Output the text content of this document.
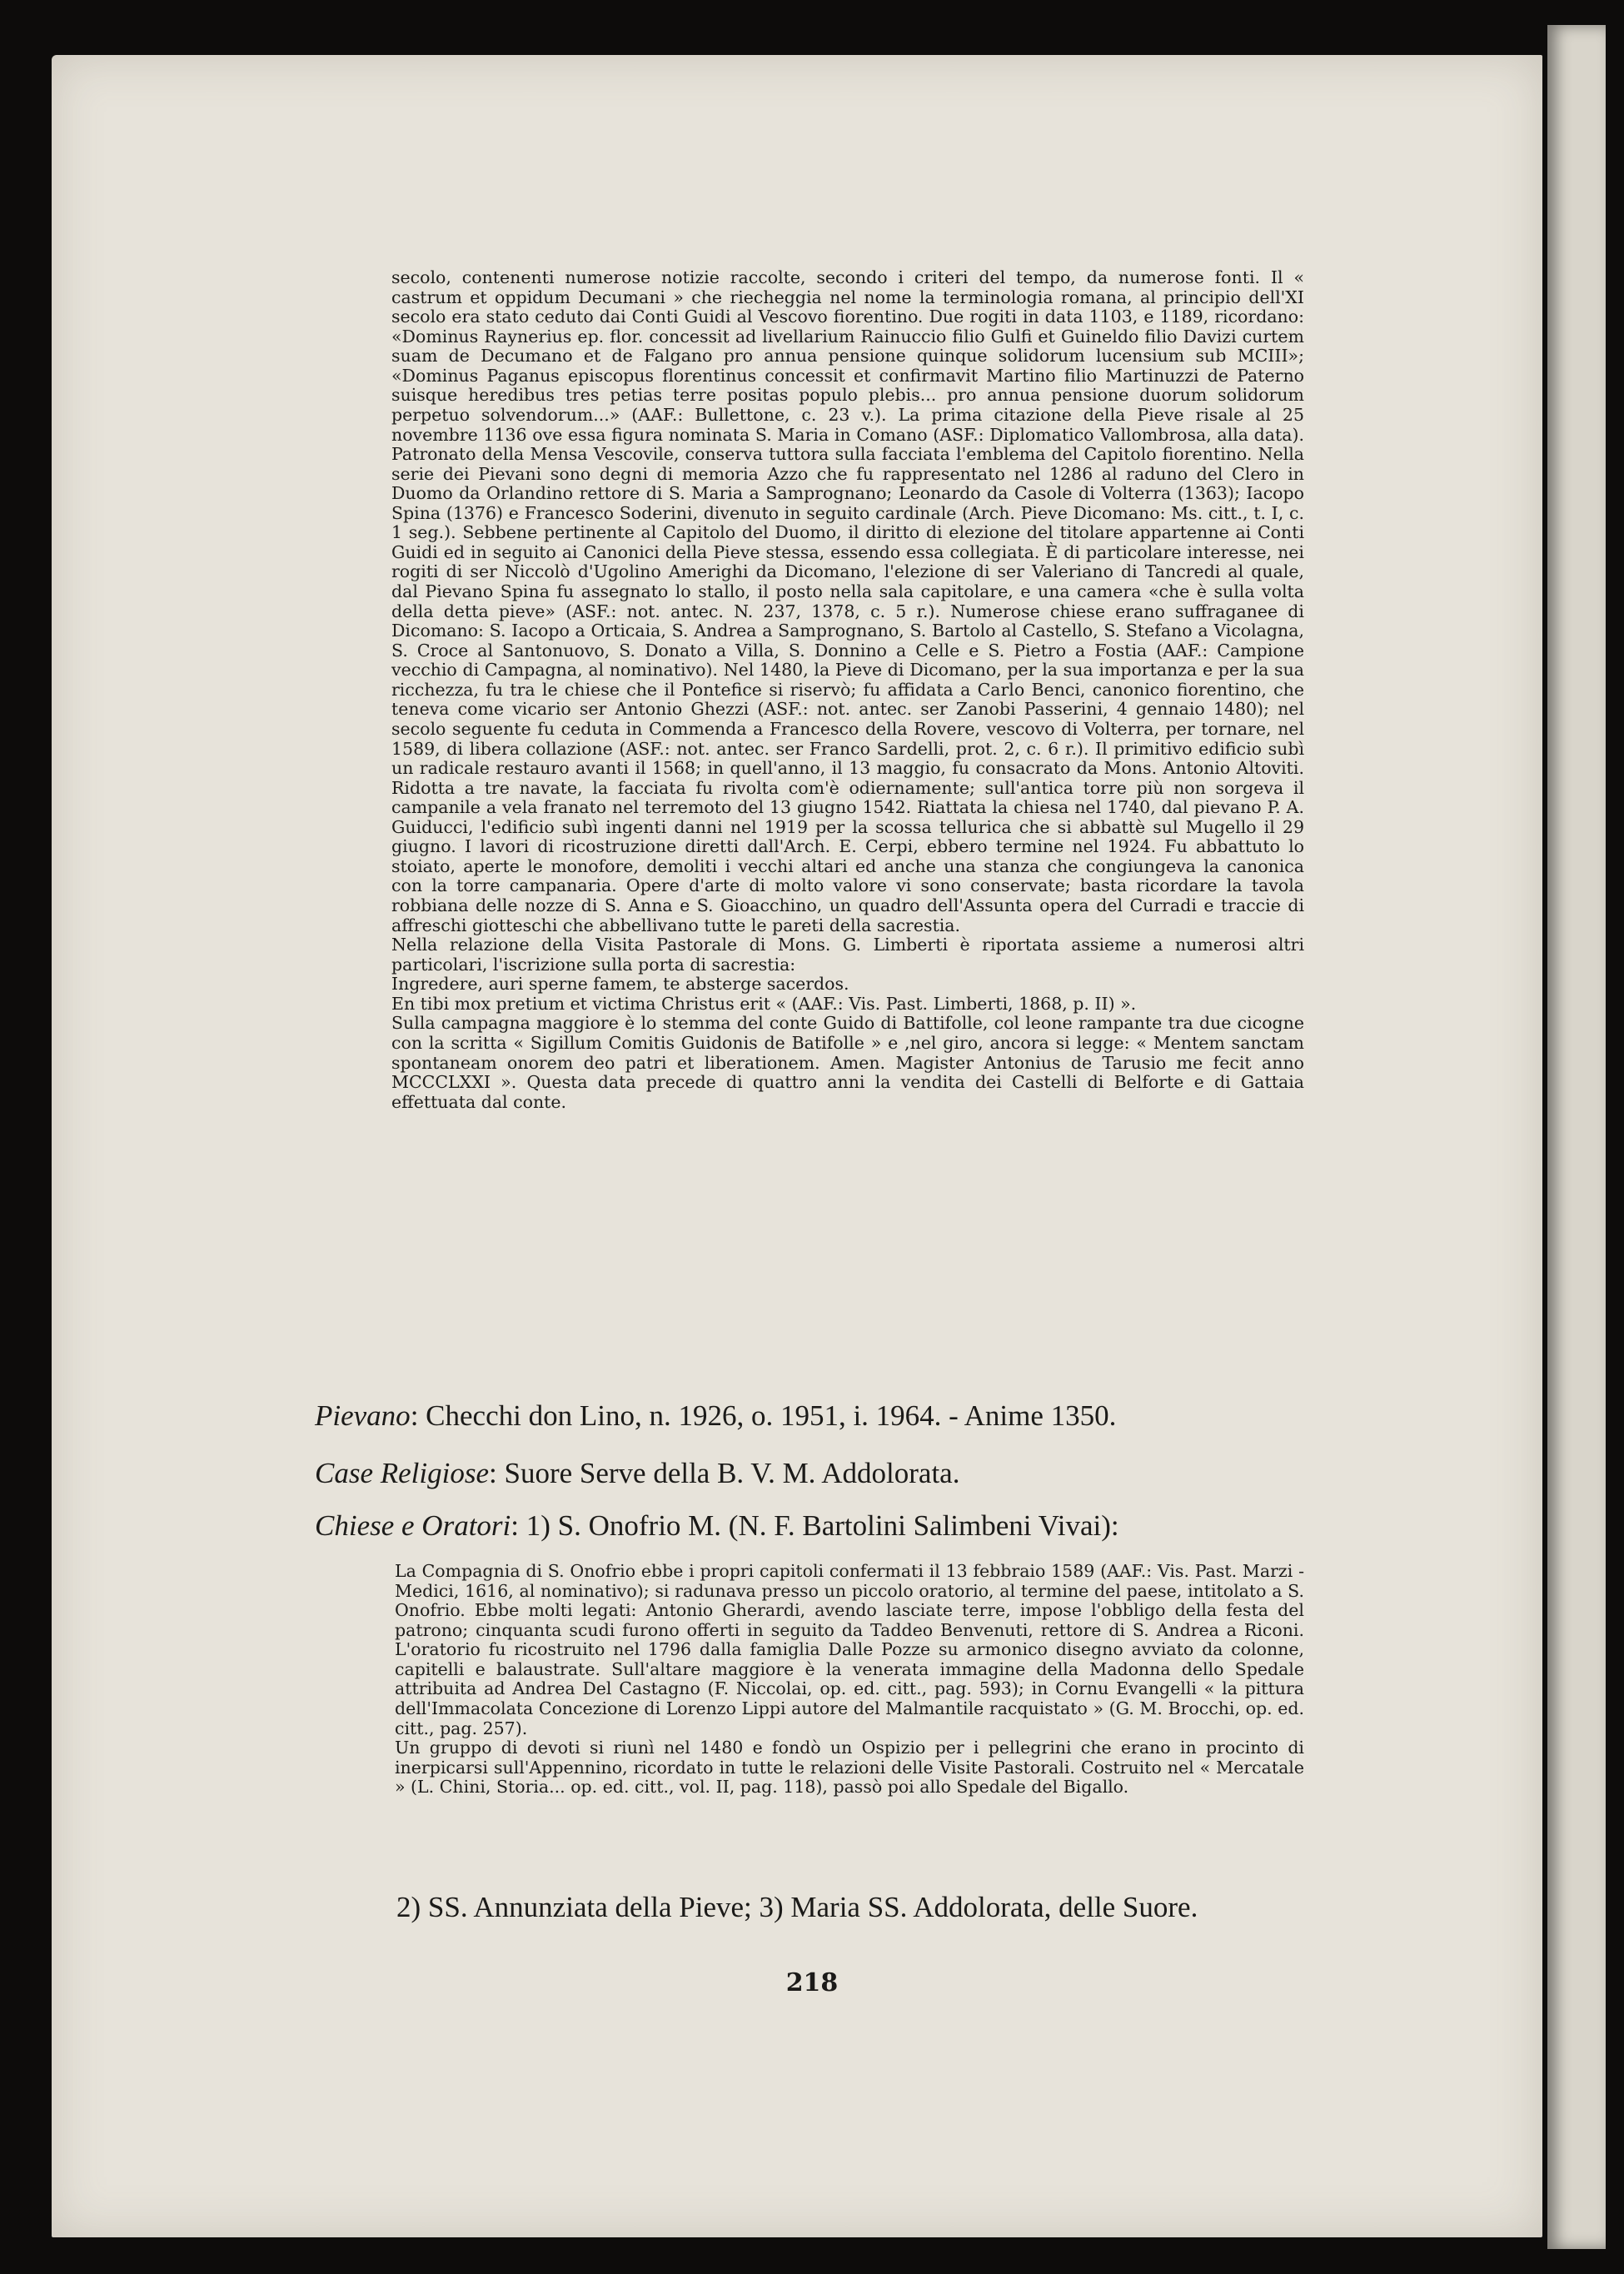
secolo, contenenti numerose notizie raccolte, secondo i criteri del tempo, da numerose fonti. Il « castrum et oppidum Decumani » che riecheggia nel nome la terminologia romana, al principio dell'XI secolo era stato ceduto dai Conti Guidi al Vescovo fiorentino. Due rogiti in data 1103, e 1189, ricordano: «Dominus Raynerius ep. flor. concessit ad livellarium Rainuccio filio Gulfi et Guineldo filio Davizi curtem suam de Decumano et de Falgano pro annua pensione quinque solidorum lucensium sub MCIII»; «Dominus Paganus episcopus florentinus concessit et confirmavit Martino filio Martinuzzi de Paterno suisque heredibus tres petias terre positas populo plebis... pro annua pensione duorum solidorum perpetuo solvendorum...» (AAF.: Bullettone, c. 23 v.). La prima citazione della Pieve risale al 25 novembre 1136 ove essa figura nominata S. Maria in Comano (ASF.: Diplomatico Vallombrosa, alla data). Patronato della Mensa Vescovile, conserva tuttora sulla facciata l'emblema del Capitolo fiorentino. Nella serie dei Pievani sono degni di memoria Azzo che fu rappresentato nel 1286 al raduno del Clero in Duomo da Orlandino rettore di S. Maria a Samprognano; Leonardo da Casole di Volterra (1363); Iacopo Spina (1376) e Francesco Soderini, divenuto in seguito cardinale (Arch. Pieve Dicomano: Ms. citt., t. I, c. 1 seg.). Sebbene pertinente al Capitolo del Duomo, il diritto di elezione del titolare appartenne ai Conti Guidi ed in seguito ai Canonici della Pieve stessa, essendo essa collegiata. È di particolare interesse, nei rogiti di ser Niccolò d'Ugolino Amerighi da Dicomano, l'elezione di ser Valeriano di Tancredi al quale, dal Pievano Spina fu assegnato lo stallo, il posto nella sala capitolare, e una camera «che è sulla volta della detta pieve» (ASF.: not. antec. N. 237, 1378, c. 5 r.). Numerose chiese erano suffraganee di Dicomano: S. Iacopo a Orticaia, S. Andrea a Samprognano, S. Bartolo al Castello, S. Stefano a Vicolagna, S. Croce al Santonuovo, S. Donato a Villa, S. Donnino a Celle e S. Pietro a Fostia (AAF.: Campione vecchio di Campagna, al nominativo). Nel 1480, la Pieve di Dicomano, per la sua importanza e per la sua ricchezza, fu tra le chiese che il Pontefice si riservò; fu affidata a Carlo Benci, canonico fiorentino, che teneva come vicario ser Antonio Ghezzi (ASF.: not. antec. ser Zanobi Passerini, 4 gennaio 1480); nel secolo seguente fu ceduta in Commenda a Francesco della Rovere, vescovo di Volterra, per tornare, nel 1589, di libera collazione (ASF.: not. antec. ser Franco Sardelli, prot. 2, c. 6 r.). Il primitivo edificio subì un radicale restauro avanti il 1568; in quell'anno, il 13 maggio, fu consacrato da Mons. Antonio Altoviti. Ridotta a tre navate, la facciata fu rivolta com'è odiernamente; sull'antica torre più non sorgeva il campanile a vela franato nel terremoto del 13 giugno 1542. Riattata la chiesa nel 1740, dal pievano P. A. Guiducci, l'edificio subì ingenti danni nel 1919 per la scossa tellurica che si abbattè sul Mugello il 29 giugno. I lavori di ricostruzione diretti dall'Arch. E. Cerpi, ebbero termine nel 1924. Fu abbattuto lo stoiato, aperte le monofore, demoliti i vecchi altari ed anche una stanza che congiungeva la canonica con la torre campanaria. Opere d'arte di molto valore vi sono conservate; basta ricordare la tavola robbiana delle nozze di S. Anna e S. Gioacchino, un quadro dell'Assunta opera del Curradi e traccie di affreschi giotteschi che abbellivano tutte le pareti della sacrestia.

Nella relazione della Visita Pastorale di Mons. G. Limberti è riportata assieme a numerosi altri particolari, l'iscrizione sulla porta di sacrestia:

Ingredere, auri sperne famem, te absterge sacerdos.

En tibi mox pretium et victima Christus erit « (AAF.: Vis. Past. Limberti, 1868, p. II) ».

Sulla campagna maggiore è lo stemma del conte Guido di Battifolle, col leone rampante tra due cicogne con la scritta « Sigillum Comitis Guidonis de Batifolle » e ,nel giro, ancora si legge: « Mentem sanctam spontaneam onorem deo patri et liberationem. Amen. Magister Antonius de Tarusio me fecit anno MCCCLXXI ». Questa data precede di quattro anni la vendita dei Castelli di Belforte e di Gattaia effettuata dal conte.

Pievano: Checchi don Lino, n. 1926, o. 1951, i. 1964. - Anime 1350.
Case Religiose: Suore Serve della B. V. M. Addolorata.
Chiese e Oratori: 1) S. Onofrio M. (N. F. Bartolini Salimbeni Vivai):

La Compagnia di S. Onofrio ebbe i propri capitoli confermati il 13 febbraio 1589 (AAF.: Vis. Past. Marzi - Medici, 1616, al nominativo); si radunava presso un piccolo oratorio, al termine del paese, intitolato a S. Onofrio. Ebbe molti legati: Antonio Gherardi, avendo lasciate terre, impose l'obbligo della festa del patrono; cinquanta scudi furono offerti in seguito da Taddeo Benvenuti, rettore di S. Andrea a Riconi. L'oratorio fu ricostruito nel 1796 dalla famiglia Dalle Pozze su armonico disegno avviato da colonne, capitelli e balaustrate. Sull'altare maggiore è la venerata immagine della Madonna dello Spedale attribuita ad Andrea Del Castagno (F. Niccolai, op. ed. citt., pag. 593); in Cornu Evangelli « la pittura dell'Immacolata Concezione di Lorenzo Lippi autore del Malmantile racquistato » (G. M. Brocchi, op. ed. citt., pag. 257).

Un gruppo di devoti si riunì nel 1480 e fondò un Ospizio per i pellegrini che erano in procinto di inerpicarsi sull'Appennino, ricordato in tutte le relazioni delle Visite Pastorali. Costruito nel « Mercatale » (L. Chini, Storia... op. ed. citt., vol. II, pag. 118), passò poi allo Spedale del Bigallo.

2) SS. Annunziata della Pieve; 3) Maria SS. Addolorata, delle Suore.
218
